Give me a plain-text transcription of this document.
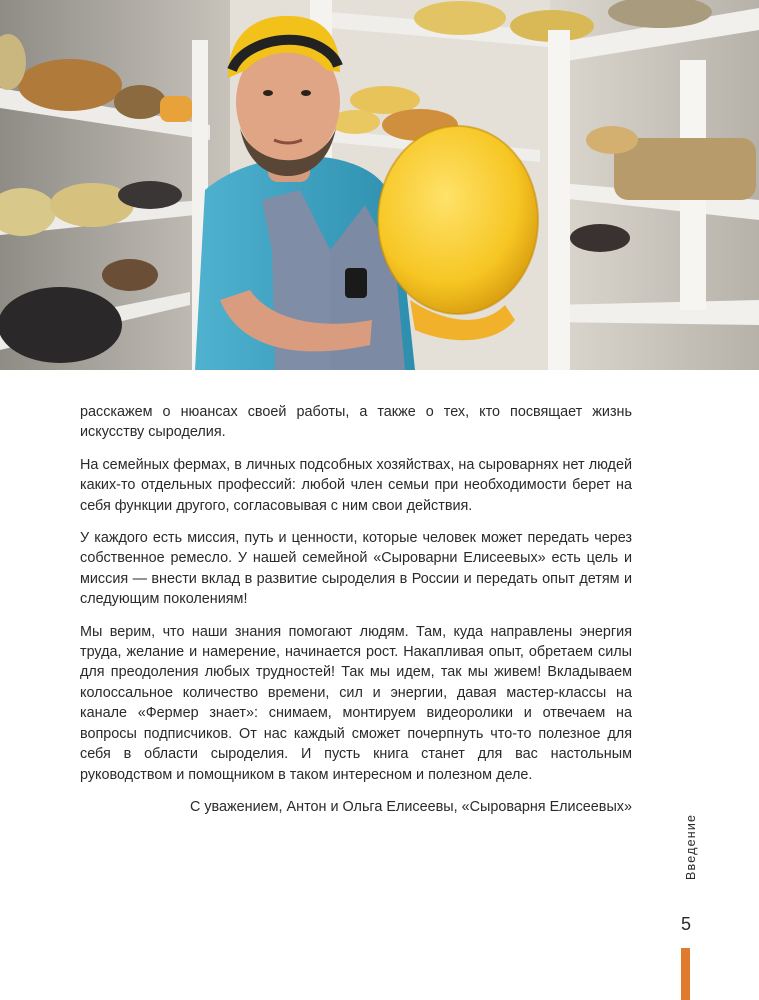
расскажем о нюансах своей работы, а также о тех, кто посвящает жизнь искусству сыроделия.

На семейных фермах, в личных подсобных хозяйствах, на сыроварнях нет людей каких-то отдельных профессий: любой член семьи при необходимости берет на себя функции другого, согласовывая с ним свои действия.

У каждого есть миссия, путь и ценности, которые человек может передать через собственное ремесло. У нашей семейной «Сыроварни Елисеевых» есть цель и миссия — внести вклад в развитие сыроделия в России и передать опыт детям и следующим поколениям!

Мы верим, что наши знания помогают людям. Там, куда направлены энергия труда, желание и намерение, начинается рост. Накапливая опыт, обретаем силы для преодоления любых трудностей! Так мы идем, так мы живем! Вкладываем колоссальное количество времени, сил и энергии, давая мастер-классы на канале «Фермер знает»: снимаем, монтируем видеоролики и отвечаем на вопросы подписчиков. От нас каждый сможет почерпнуть что-то полезное для себя в области сыроделия. И пусть книга станет для вас настольным руководством и помощником в таком интересном и полезном деле.

С уважением, Антон и Ольга Елисеевы, «Сыроварня Елисеевых»

Введение
5
